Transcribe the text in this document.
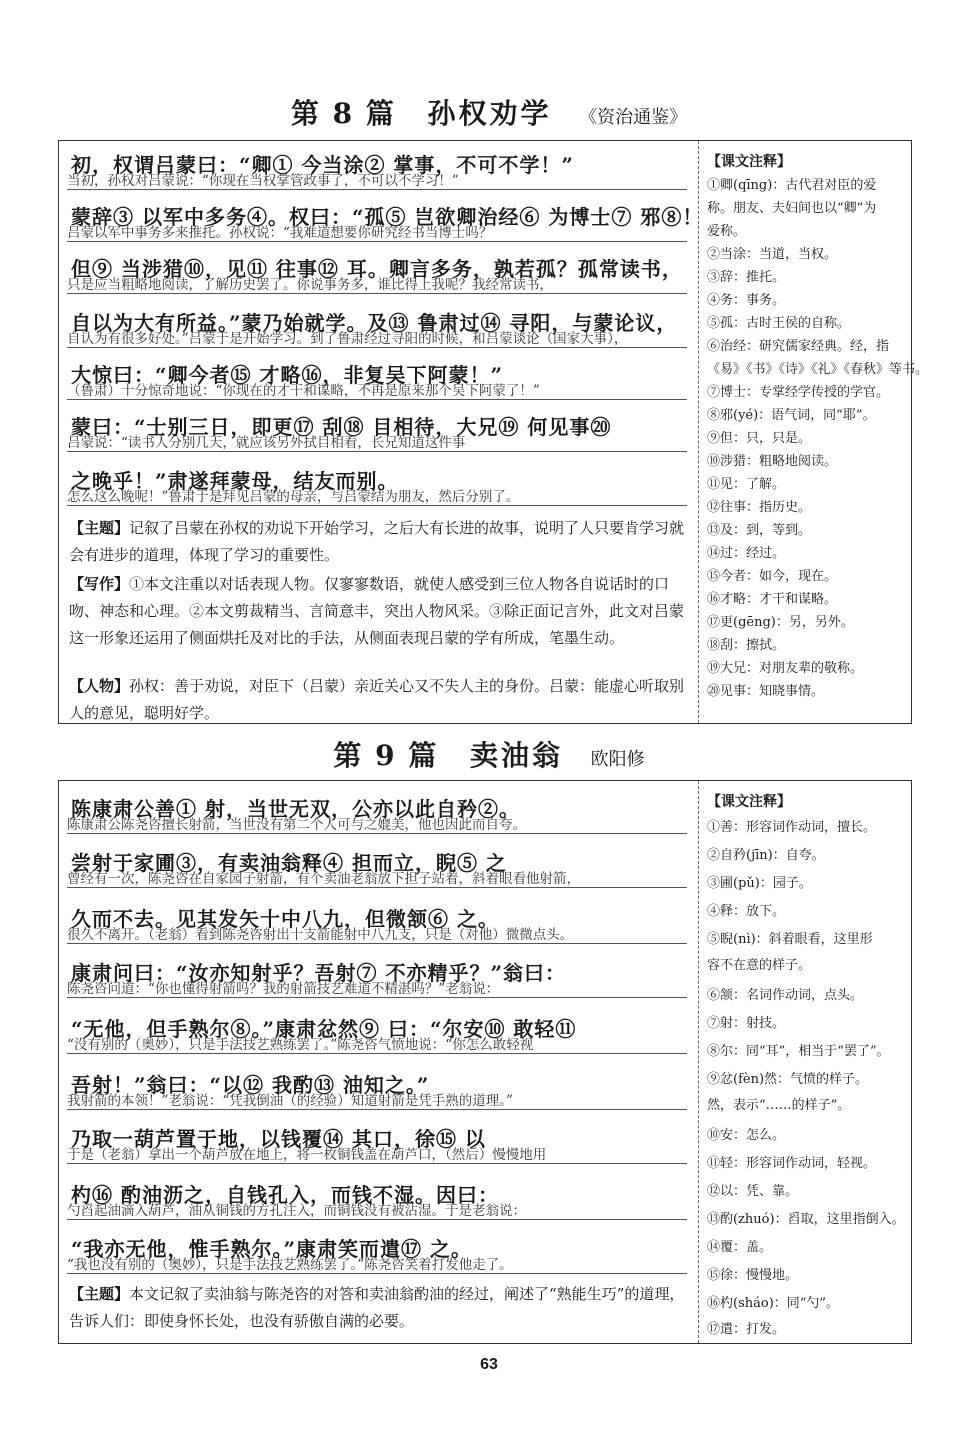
第 8 篇 孙权劝学 《资治通鉴》
初，权谓吕蒙曰：“卿① 今当涂② 掌事，不可不学！”
当初，孙权对吕蒙说：“你现在当权掌管政事了，不可以不学习！”
蒙辞③ 以军中多务④。权曰：“孤⑤ 岂欲卿治经⑥ 为博士⑦ 邪⑧！
吕蒙以军中事务多来推托。孙权说：“我难道想要你研究经书当博士吗？
但⑨ 当涉猎⑩，见⑪ 往事⑫ 耳。卿言多务，孰若孤？孤常读书，
只是应当粗略地阅读，了解历史罢了。你说事务多，谁比得上我呢？我经常读书，
自以为大有所益。”蒙乃始就学。及⑬ 鲁肃过⑭ 寻阳，与蒙论议，
自认为有很多好处。”吕蒙于是开始学习。到了鲁肃经过寻阳的时候，和吕蒙谈论（国家大事），
大惊曰：“卿今者⑮ 才略⑯，非复吴下阿蒙！”
（鲁肃）十分惊奇地说：“你现在的才干和谋略，不再是原来那个吴下阿蒙了！”
蒙曰：“士别三日，即更⑰ 刮⑱ 目相待，大兄⑲ 何见事⑳
吕蒙说：“读书人分别几天，就应该另外拭目相看，长兄知道这件事
之晚乎！”肃遂拜蒙母，结友而别。
怎么这么晚呢！”鲁肃于是拜见吕蒙的母亲，与吕蒙结为朋友，然后分别了。
【主题】记叙了吕蒙在孙权的劝说下开始学习，之后大有长进的故事，说明了人只要肯学习就会有进步的道理，体现了学习的重要性。
【写作】①本文注重以对话表现人物。仅寥寥数语，就使人感受到三位人物各自说话时的口吻、神态和心理。②本文剪裁精当、言简意丰，突出人物风采。③除正面记言外，此文对吕蒙这一形象还运用了侧面烘托及对比的手法，从侧面表现吕蒙的学有所成，笔墨生动。
【人物】孙权：善于劝说，对臣下（吕蒙）亲近关心又不失人主的身份。吕蒙：能虚心听取别人的意见，聪明好学。
【课文注释】
①卿(qīng)：古代君对臣的爱
称。朋友、夫妇间也以“卿”为
爱称。
②当涂：当道，当权。
③辞：推托。
④务：事务。
⑤孤：古时王侯的自称。
⑥治经：研究儒家经典。经，指
《易》《书》《诗》《礼》《春秋》等书。
⑦博士：专掌经学传授的学官。
⑧邪(yé)：语气词，同“耶”。
⑨但：只，只是。
⑩涉猎：粗略地阅读。
⑪见：了解。
⑫往事：指历史。
⑬及：到，等到。
⑭过：经过。
⑮今者：如今，现在。
⑯才略：才干和谋略。
⑰更(gēng)：另，另外。
⑱刮：擦拭。
⑲大兄：对朋友辈的敬称。
⑳见事：知晓事情。
第 9 篇 卖油翁 欧阳修
陈康肃公善① 射，当世无双，公亦以此自矜②。
陈康肃公陈尧咨擅长射箭，当世没有第二个人可与之媲美，他也因此而自夸。
尝射于家圃③，有卖油翁释④ 担而立，睨⑤ 之
曾经有一次，陈尧咨在自家园子射箭，有个卖油老翁放下担子站着，斜着眼看他射箭，
久而不去。见其发矢十中八九，但微颔⑥ 之。
很久不离开。（老翁）看到陈尧咨射出十支箭能射中八九支，只是（对他）微微点头。
康肃问曰：“汝亦知射乎？吾射⑦ 不亦精乎？”翁曰：
陈尧咨问道：“你也懂得射箭吗？我的射箭技艺难道不精湛吗？”老翁说：
“无他，但手熟尔⑧。”康肃忿然⑨ 曰：“尔安⑩ 敢轻⑪
“没有别的（奥妙），只是手法技艺熟练罢了。”陈尧咨气愤地说：“你怎么敢轻视
吾射！”翁曰：“以⑫ 我酌⑬ 油知之。”
我射箭的本领！”老翁说：“凭我倒油（的经验）知道射箭是凭手熟的道理。”
乃取一葫芦置于地，以钱覆⑭ 其口，徐⑮ 以
于是（老翁）拿出一个葫芦放在地上，将一枚铜钱盖在葫芦口，（然后）慢慢地用
杓⑯ 酌油沥之，自钱孔入，而钱不湿。因曰：
勺舀起油滴入葫芦，油从铜钱的方孔注入，而铜钱没有被沾湿。于是老翁说：
“我亦无他，惟手熟尔。”康肃笑而遣⑰ 之。
“我也没有别的（奥妙），只是手法技艺熟练罢了。”陈尧咨笑着打发他走了。
【主题】本文记叙了卖油翁与陈尧咨的对答和卖油翁酌油的经过，阐述了“熟能生巧”的道理，告诉人们：即使身怀长处，也没有骄傲自满的必要。
【课文注释】
①善：形容词作动词，擅长。
②自矜(jīn)：自夸。
③圃(pǔ)：园子。
④释：放下。
⑤睨(nì)：斜着眼看，这里形
容不在意的样子。
⑥颔：名词作动词，点头。
⑦射：射技。
⑧尔：同“耳”，相当于“罢了”。
⑨忿(fèn)然：气愤的样子。
然，表示“……的样子”。
⑩安：怎么。
⑪轻：形容词作动词，轻视。
⑫以：凭、靠。
⑬酌(zhuó)：舀取，这里指倒入。
⑭覆：盖。
⑮徐：慢慢地。
⑯杓(sháo)：同“勺”。
⑰遣：打发。
63
